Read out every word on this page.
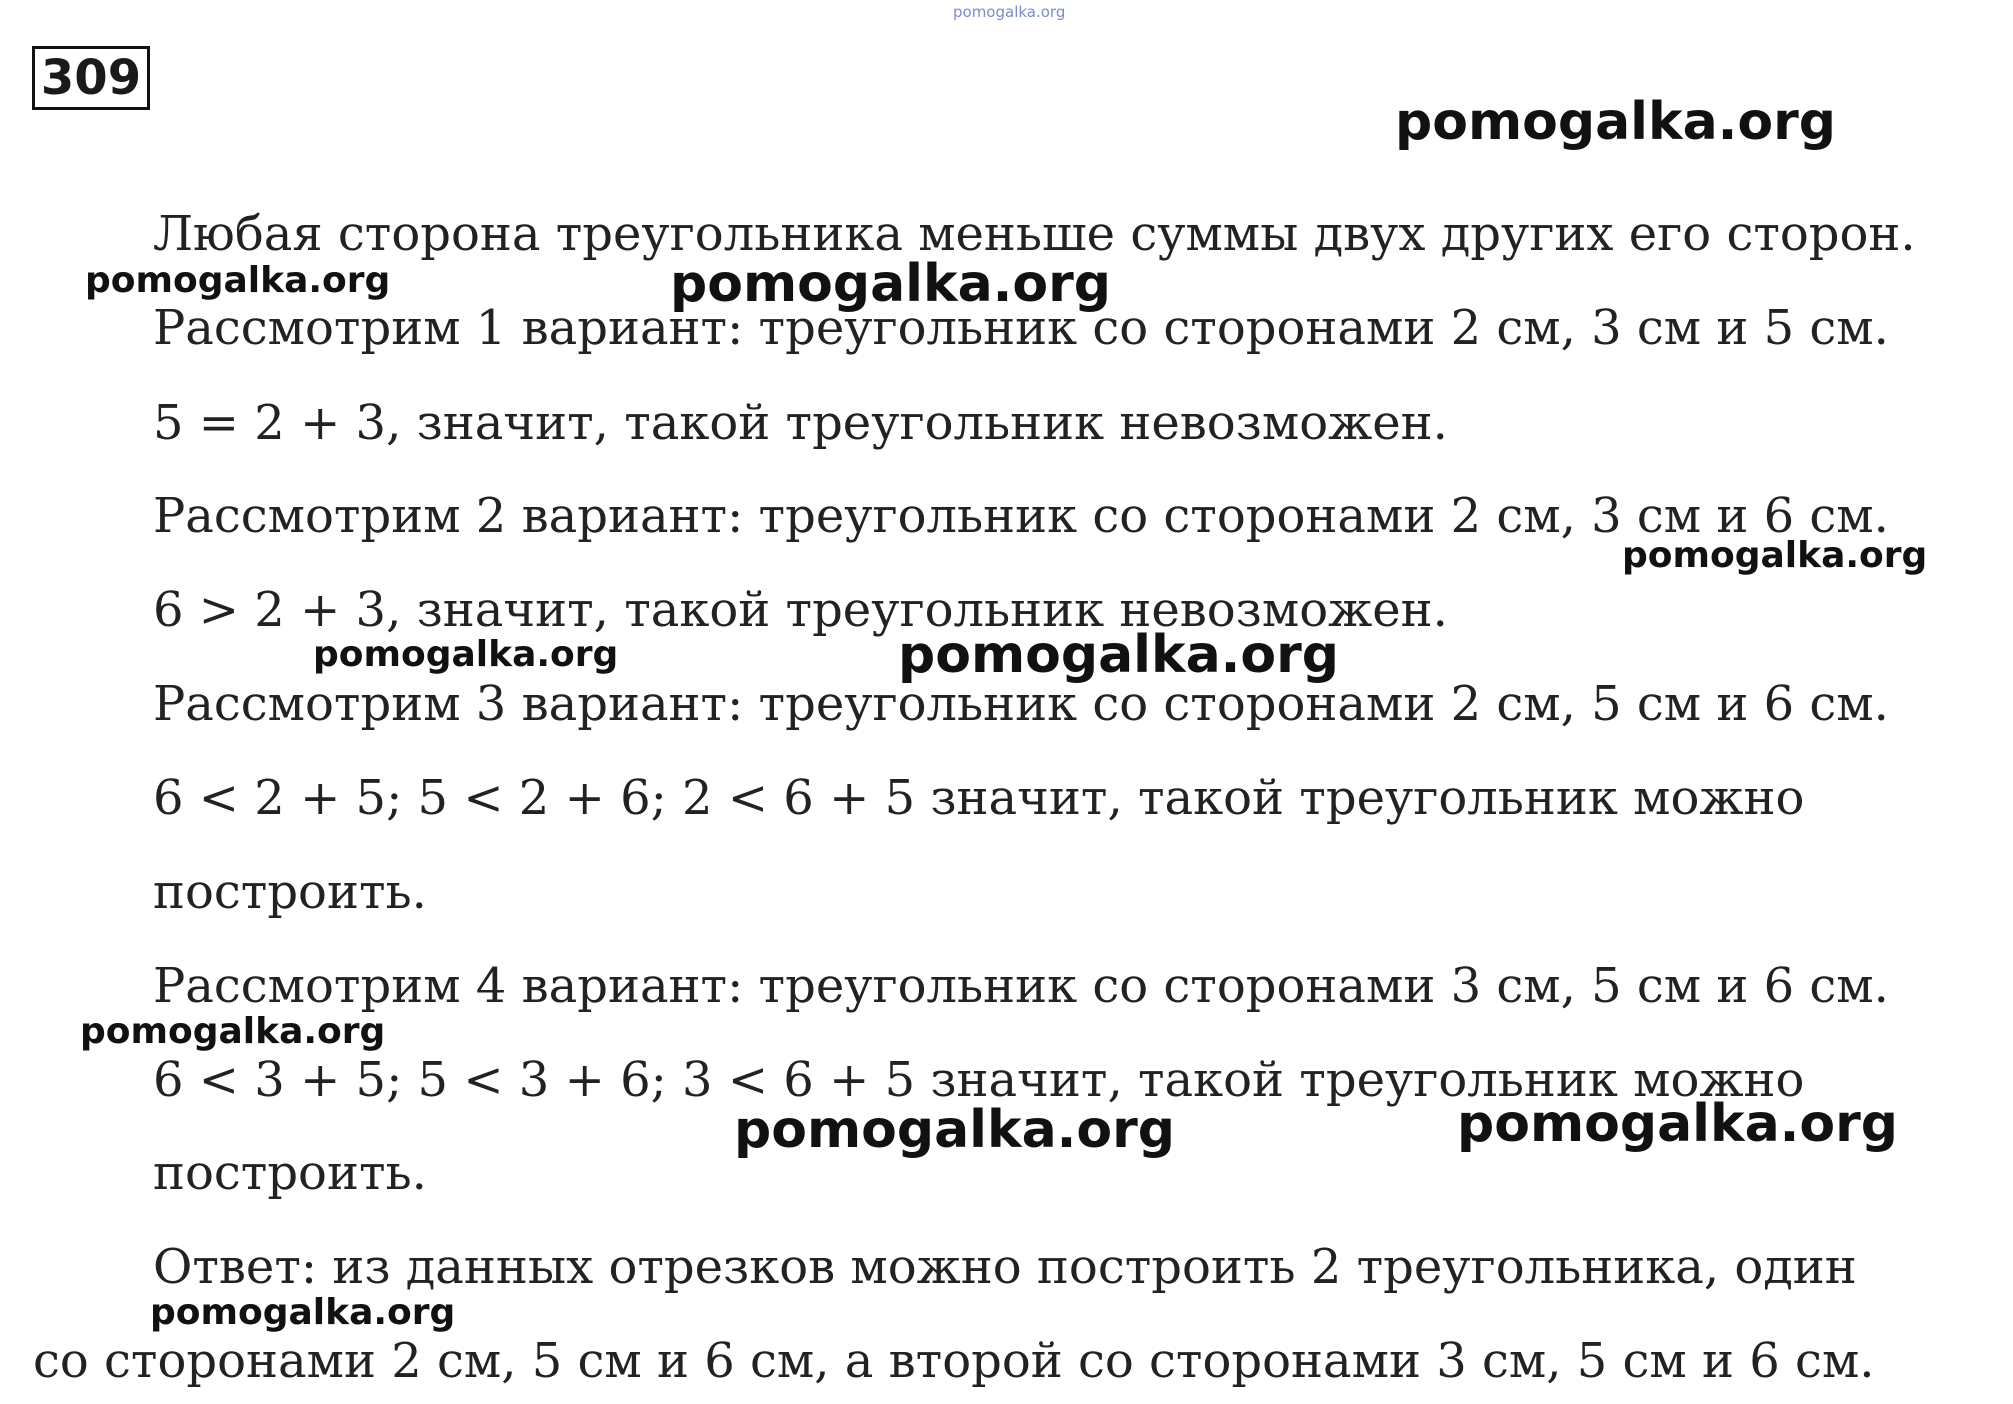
pomogalka.org
309
pomogalka.org
Любая сторона треугольника меньше суммы двух других его сторон.
pomogalka.org	pomogalka.org
Рассмотрим 1 вариант: треугольник со сторонами 2 см, 3 см и 5 см.
5 = 2 + 3, значит, такой треугольник невозможен.
Рассмотрим 2 вариант: треугольник со сторонами 2 см, 3 см и 6 см.
pomogalka.org
6 > 2 + 3, значит, такой треугольник невозможен.
pomogalka.org	pomogalka.org
Рассмотрим 3 вариант: треугольник со сторонами 2 см, 5 см и 6 см.
6 < 2 + 5; 5 < 2 + 6; 2 < 6 + 5 значит, такой треугольник можно
построить.
Рассмотрим 4 вариант: треугольник со сторонами 3 см, 5 см и 6 см.
pomogalka.org
6 < 3 + 5; 5 < 3 + 6; 3 < 6 + 5 значит, такой треугольник можно
pomogalka.org	pomogalka.org
построить.
Ответ: из данных отрезков можно построить 2 треугольника, один
pomogalka.org
со сторонами 2 см, 5 см и 6 см, а второй со сторонами 3 см, 5 см и 6 см.
